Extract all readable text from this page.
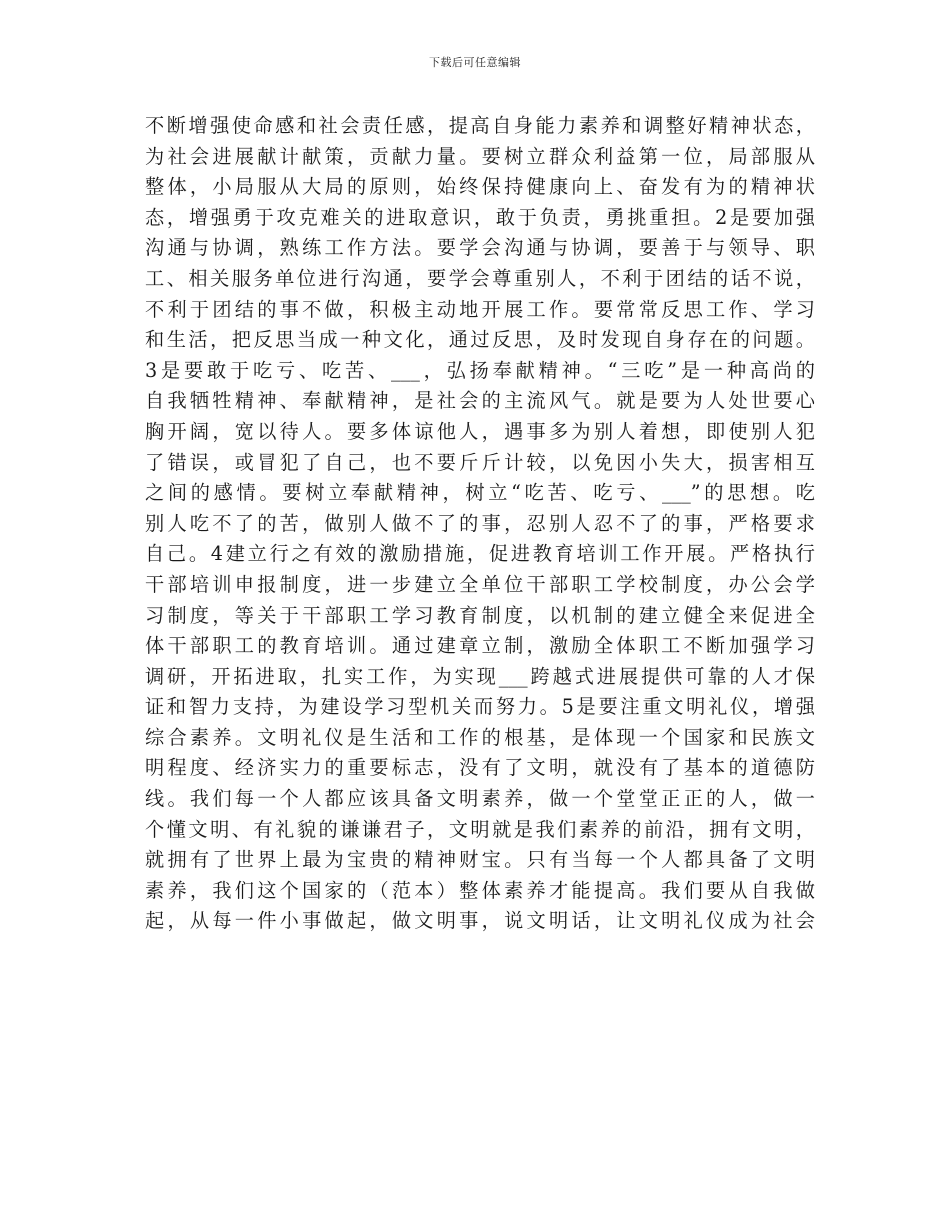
下载后可任意编辑
不断增强使命感和社会责任感，提高自身能力素养和调整好精神状态，
为社会进展献计献策，贡献力量。要树立群众利益第一位，局部服从
整体，小局服从大局的原则，始终保持健康向上、奋发有为的精神状
态，增强勇于攻克难关的进取意识，敢于负责，勇挑重担。2是要加强
沟通与协调，熟练工作方法。要学会沟通与协调，要善于与领导、职
工、相关服务单位进行沟通，要学会尊重别人，不利于团结的话不说，
不利于团结的事不做，积极主动地开展工作。要常常反思工作、学习
和生活，把反思当成一种文化，通过反思，及时发现自身存在的问题。
3是要敢于吃亏、吃苦、___，弘扬奉献精神。“三吃”是一种高尚的
自我牺牲精神、奉献精神，是社会的主流风气。就是要为人处世要心
胸开阔，宽以待人。要多体谅他人，遇事多为别人着想，即使别人犯
了错误，或冒犯了自己，也不要斤斤计较，以免因小失大，损害相互
之间的感情。要树立奉献精神，树立“吃苦、吃亏、___”的思想。吃
别人吃不了的苦，做别人做不了的事，忍别人忍不了的事，严格要求
自己。4建立行之有效的激励措施，促进教育培训工作开展。严格执行
干部培训申报制度，进一步建立全单位干部职工学校制度，办公会学
习制度，等关于干部职工学习教育制度，以机制的建立健全来促进全
体干部职工的教育培训。通过建章立制，激励全体职工不断加强学习
调研，开拓进取，扎实工作，为实现___跨越式进展提供可靠的人才保
证和智力支持，为建设学习型机关而努力。5是要注重文明礼仪，增强
综合素养。文明礼仪是生活和工作的根基，是体现一个国家和民族文
明程度、经济实力的重要标志，没有了文明，就没有了基本的道德防
线。我们每一个人都应该具备文明素养，做一个堂堂正正的人，做一
个懂文明、有礼貌的谦谦君子，文明就是我们素养的前沿，拥有文明，
就拥有了世界上最为宝贵的精神财宝。只有当每一个人都具备了文明
素养，我们这个国家的（范本）整体素养才能提高。我们要从自我做
起，从每一件小事做起，做文明事，说文明话，让文明礼仪成为社会
